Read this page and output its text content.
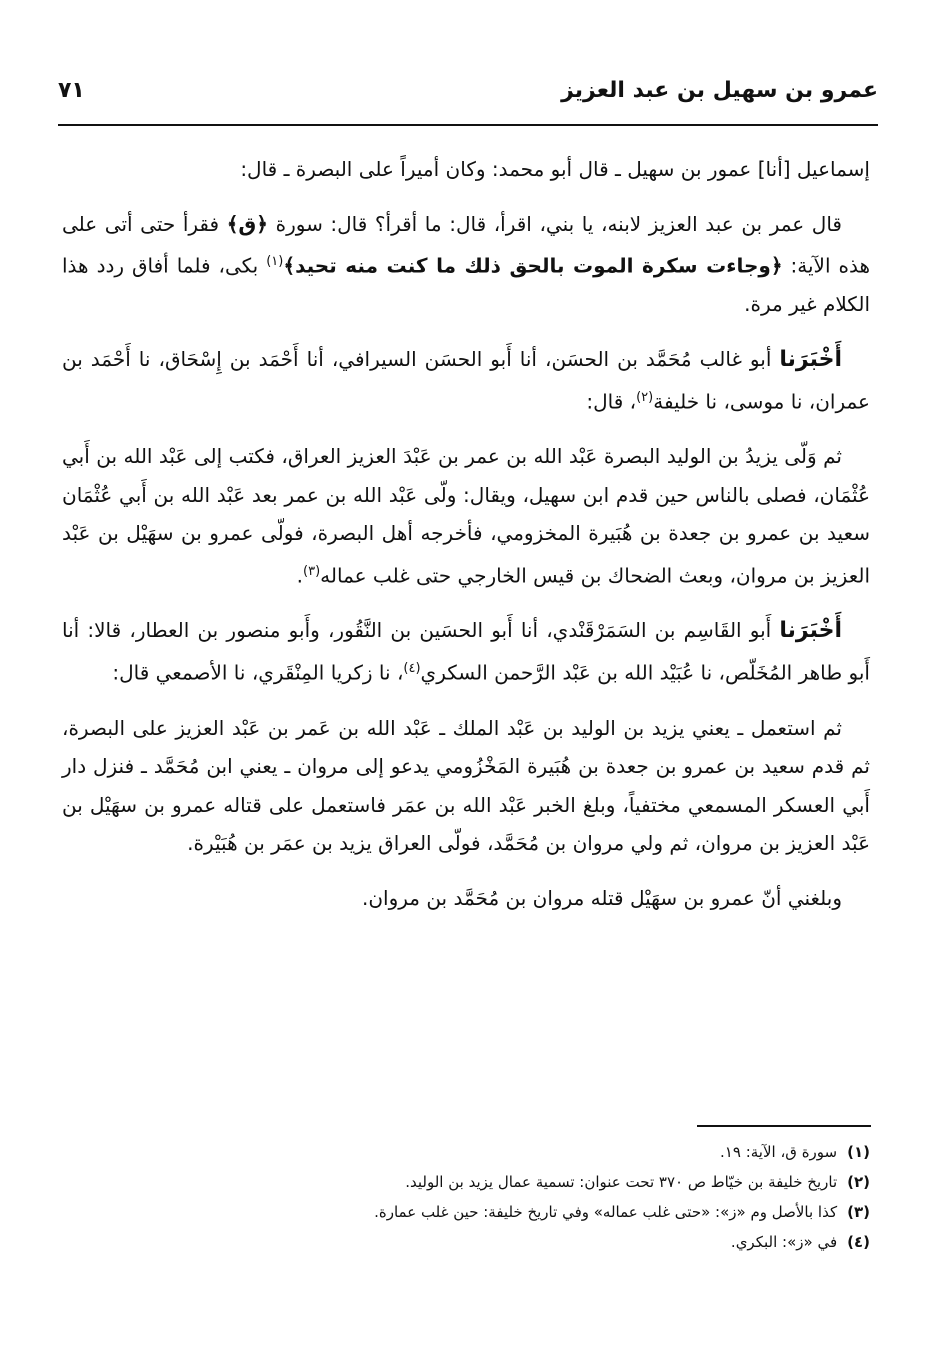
عمرو بن سهيل بن عبد العزيز
٧١

إسماعيل [أنا] عمور بن سهيل ـ قال أبو محمد: وكان أميراً على البصرة ـ قال:

قال عمر بن عبد العزيز لابنه، يا بني، اقرأ، قال: ما أقرأ؟ قال: سورة ﴿ق﴾ فقرأ حتى أتى على هذه الآية: ﴿وجاءت سكرة الموت بالحق ذلك ما كنت منه تحيد﴾$^{(١)}$ بكى، فلما أفاق ردد هذا الكلام غير مرة.

أَخْبَرَنا أبو غالب مُحَمَّد بن الحسَن، أنا أَبو الحسَن السيرافي، أنا أَحْمَد بن إِسْحَاق، نا أَحْمَد بن عمران، نا موسى، نا خليفة$^{(٢)}$، قال:

ثم وَلّى يزيدُ بن الوليد البصرة عَبْد الله بن عمر بن عَبْدَ العزيز العراق، فكتب إلى عَبْد الله بن أَبي عُثْمَان، فصلى بالناس حين قدم ابن سهيل، ويقال: ولّى عَبْد الله بن عمر بعد عَبْد الله بن أَبي عُثْمَان سعيد بن عمرو بن جعدة بن هُبَيرة المخزومي، فأخرجه أهل البصرة، فولّى عمرو بن سهَيْل بن عَبْد العزيز بن مروان، وبعث الضحاك بن قيس الخارجي حتى غلب عماله$^{(٣)}$.

أَخْبَرَنا أَبو القَاسِم بن السَمَرْقَنْدي، أنا أَبو الحسَين بن النَّقُور، وأَبو منصور بن العطار، قالا: أنا أَبو طاهر المُخَلّص، نا عُبَيْد الله بن عَبْد الرَّحمن السكري$^{(٤)}$، نا زكريا المِنْقَري، نا الأصمعي قال:

ثم استعمل ـ يعني يزيد بن الوليد بن عَبْد الملك ـ عَبْد الله بن عَمر بن عَبْد العزيز على البصرة، ثم قدم سعيد بن عمرو بن جعدة بن هُبَيرة المَخْزُومي يدعو إلى مروان ـ يعني ابن مُحَمَّد ـ فنزل دار أَبي العسكر المسمعي مختفياً، وبلغ الخبر عَبْد الله بن عمَر فاستعمل على قتاله عمرو بن سهَيْل بن عَبْد العزيز بن مروان، ثم ولي مروان بن مُحَمَّد، فولّى العراق يزيد بن عمَر بن هُبَيْرة.

وبلغني أنّ عمرو بن سهَيْل قتله مروان بن مُحَمَّد بن مروان.

(١)سورة ق، الآية: ١٩.

(٢)تاريخ خليفة بن خيّاط ص ٣٧٠ تحت عنوان: تسمية عمال يزيد بن الوليد.

(٣)كذا بالأصل وم «ز»: «حتى غلب عماله» وفي تاريخ خليفة: حين غلب عمارة.

(٤)في «ز»: البكري.
